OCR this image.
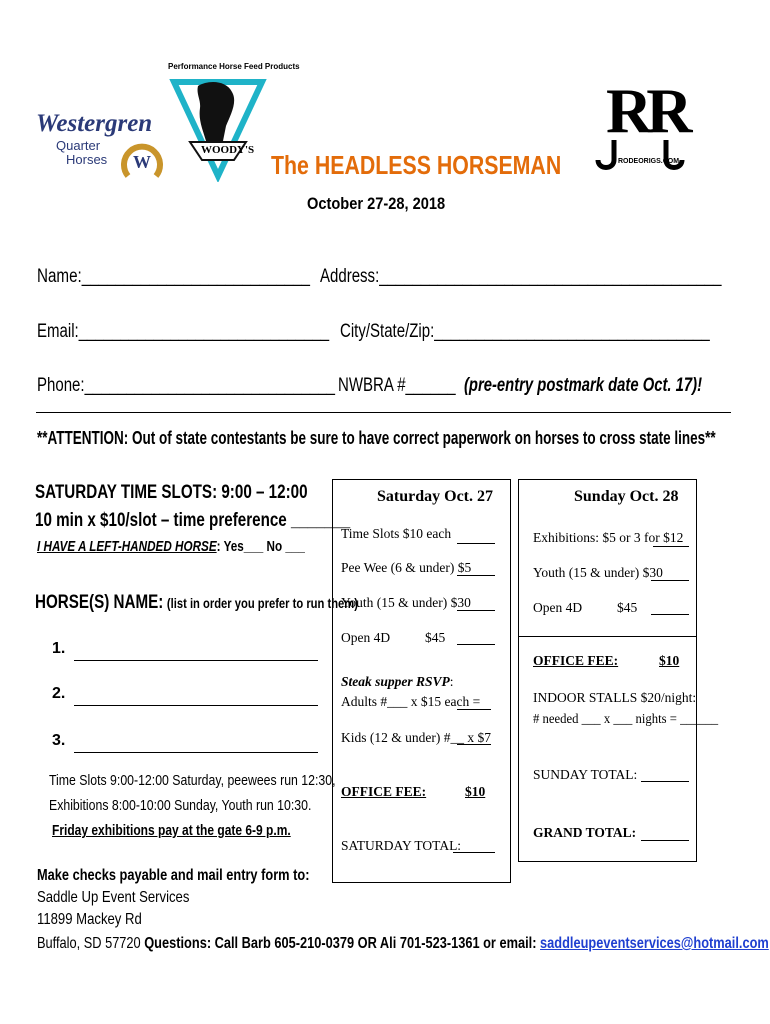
Performance Horse Feed Products
Westergren
Quarter
Horses W
WOODY'S
RR
RODEORIGS.COM
The HEADLESS HORSEMAN
October 27-28, 2018
Name:___________________________ Address:_________________________________________
Email:______________________________ City/State/Zip:_________________________________
Phone:______________________________ NWBRA #______ (pre-entry postmark date Oct. 17)!
**ATTENTION: Out of state contestants be sure to have correct paperwork on horses to cross state lines**
SATURDAY TIME SLOTS: 9:00 – 12:00
10 min x $10/slot – time preference _______
I HAVE A LEFT-HANDED HORSE: Yes___ No ___
HORSE(S) NAME: (list in order you prefer to run them)
1.
2.
3.
Time Slots 9:00-12:00 Saturday, peewees run 12:30,
Exhibitions 8:00-10:00 Sunday, Youth run 10:30.
Friday exhibitions pay at the gate 6-9 p.m.
Saturday Oct. 27
Time Slots $10 each
Pee Wee (6 & under) $5
Youth (15 & under) $30
Open 4D	$45
Steak supper RSVP:
Adults #___ x $15 each =
Kids (12 & under) #__ x $7
OFFICE FEE:	$10
SATURDAY TOTAL:
Sunday Oct. 28
Exhibitions: $5 or 3 for $12
Youth (15 & under) $30
Open 4D	$45
OFFICE FEE:	$10
INDOOR STALLS $20/night:
# needed ___ x ___ nights = ______
SUNDAY TOTAL:
GRAND TOTAL:
Make checks payable and mail entry form to:
Saddle Up Event Services
11899 Mackey Rd
Buffalo, SD 57720 Questions: Call Barb 605-210-0379 OR Ali 701-523-1361 or email: saddleupeventservices@hotmail.com
